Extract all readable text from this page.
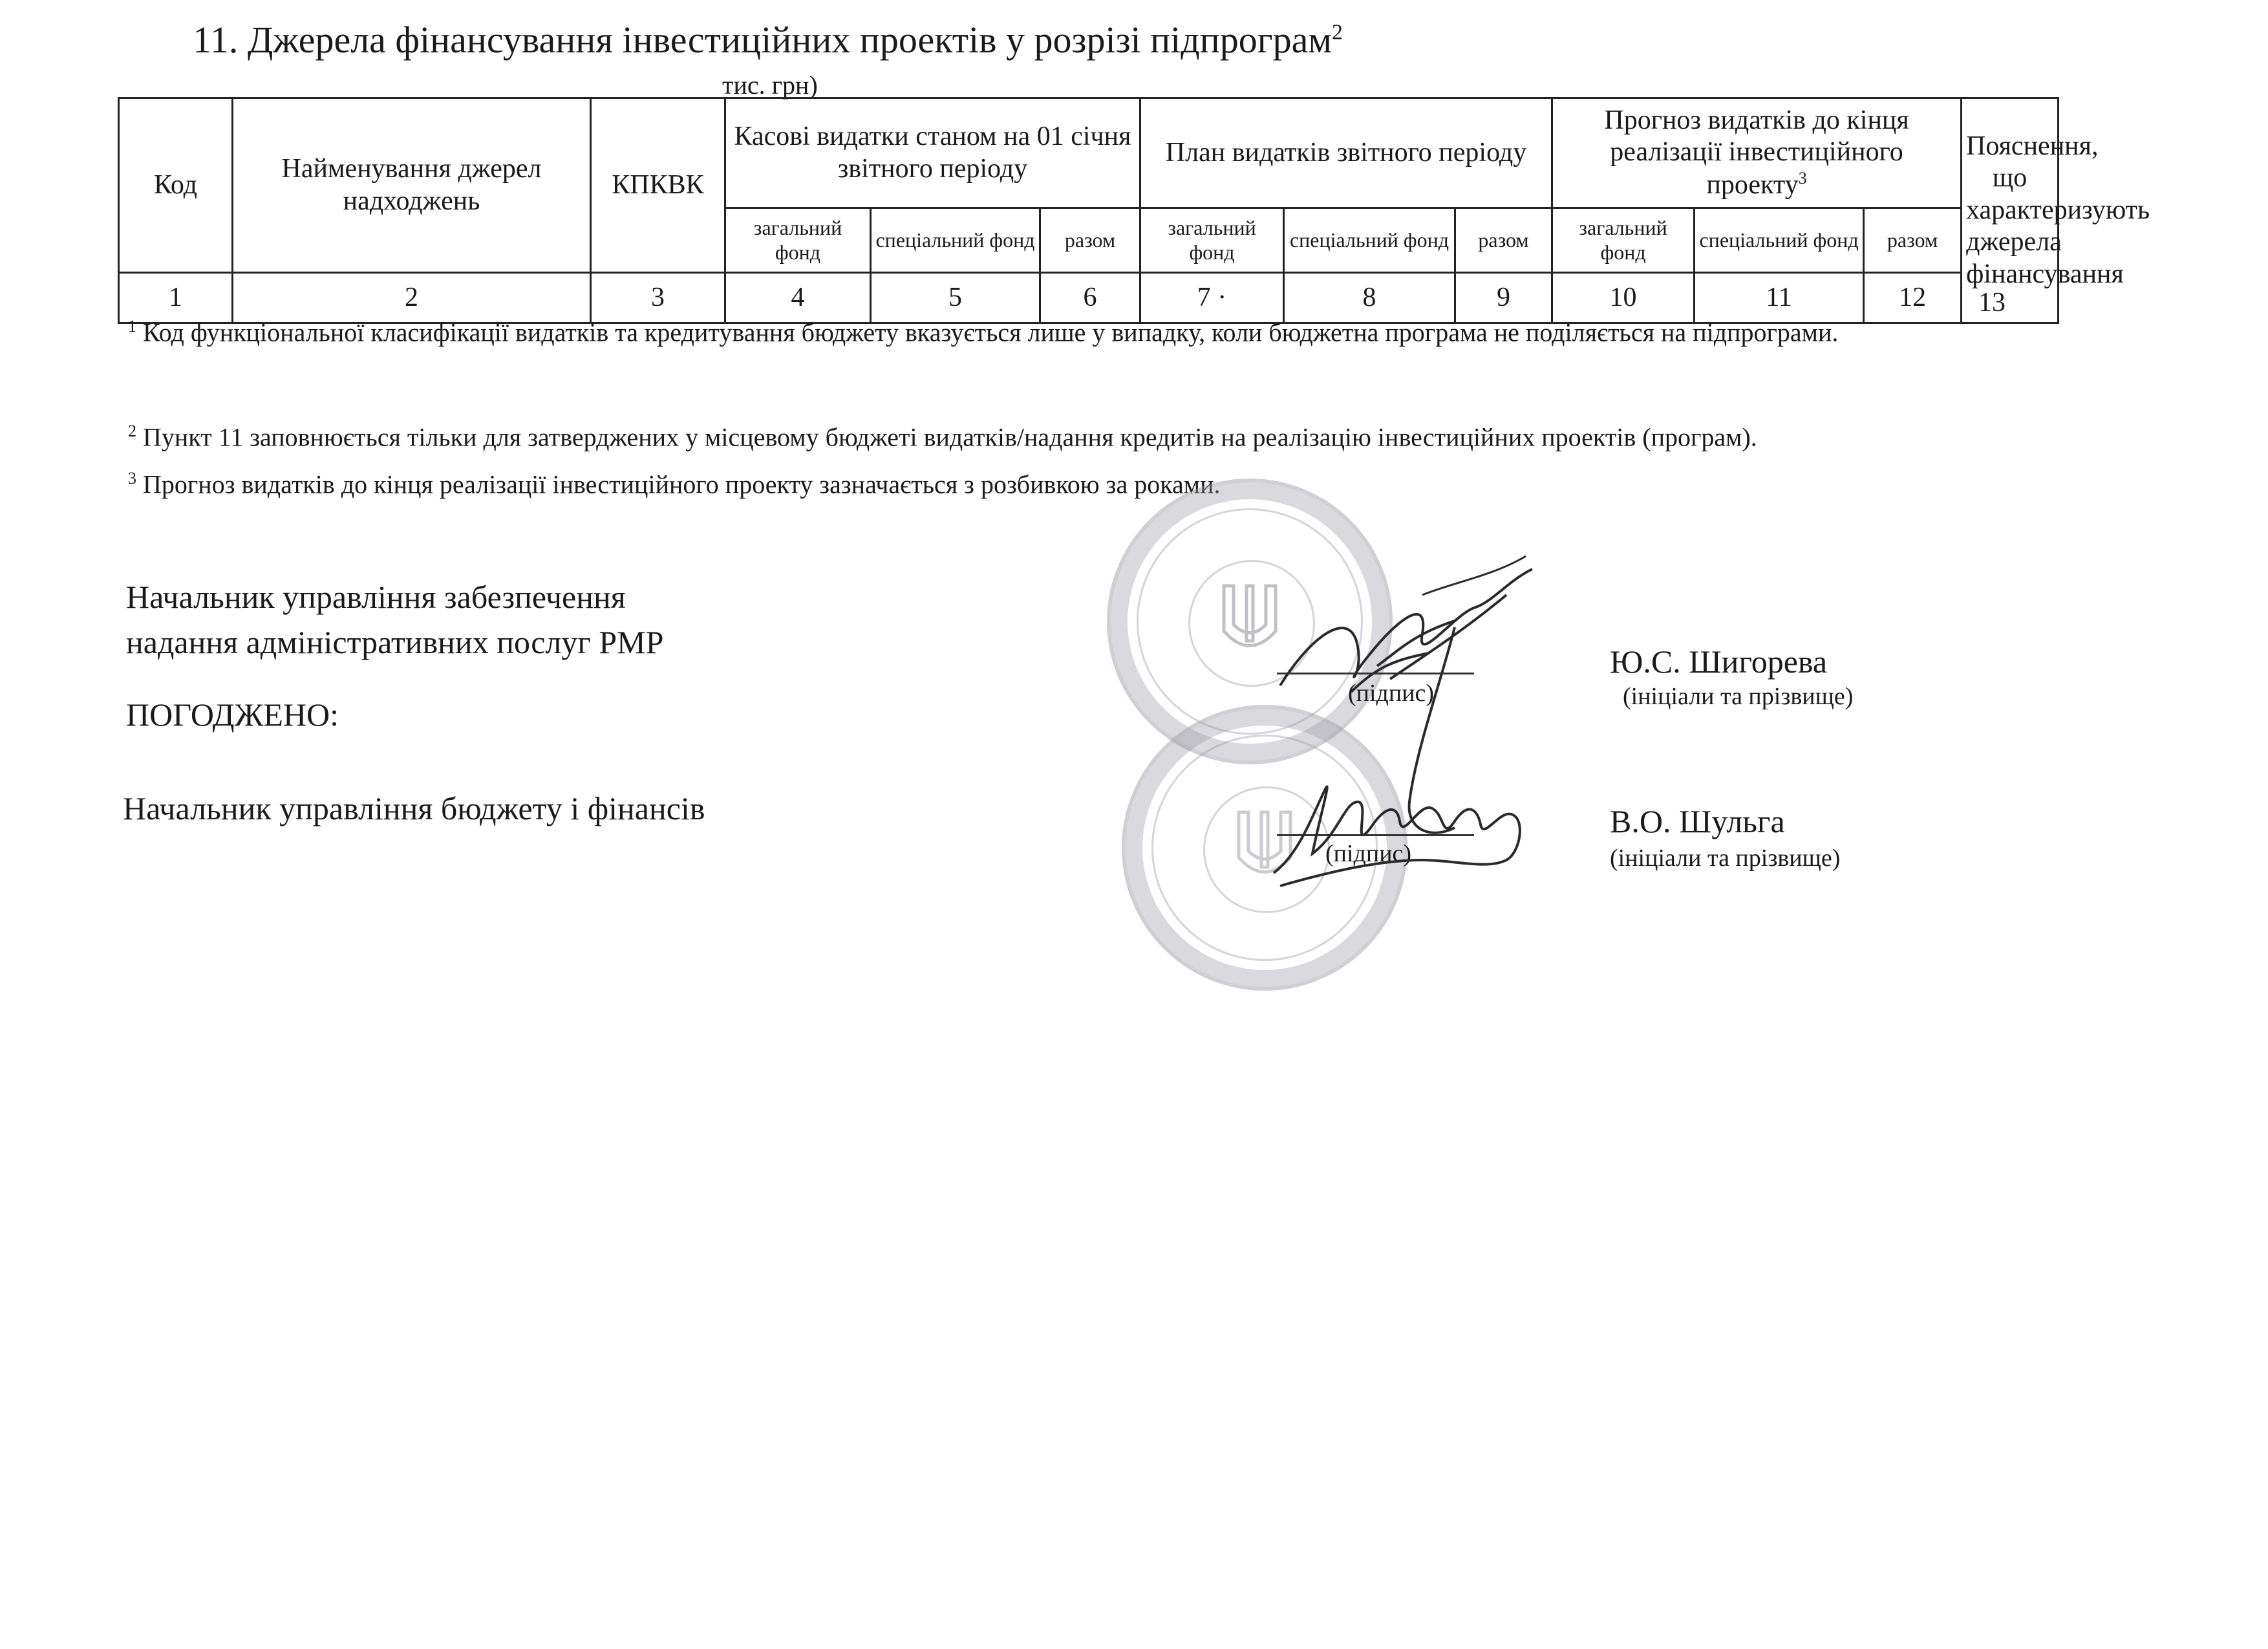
11. Джерела фінансування інвестиційних проектів у розрізі підпрограм$^2$
тис. грн)
Код	Найменування джерел надходжень	КПКВК	Касові видатки станом на 01 січня звітного періоду			План видатків звітного періоду			Прогноз видатків до кінця реалізації інвестиційного проекту$^3$			Пояснення, що характеризують джерела фінансування
			загальний фонд	спеціальний фонд	разом	загальний фонд	спеціальний фонд	разом	загальний фонд	спеціальний фонд	разом	
1	2	3	4	5	6	7 ·	8	9	10	11	12	13
$^1$ Код функціональної класифікації видатків та кредитування бюджету вказується лише у випадку, коли бюджетна програма не поділяється на підпрограми.
$^2$ Пункт 11 заповнюється тільки для затверджених у місцевому бюджеті видатків/надання кредитів на реалізацію інвестиційних проектів (програм).
$^3$ Прогноз видатків до кінця реалізації інвестиційного проекту зазначається з розбивкою за роками.
Начальник управління забезпечення
надання адміністративних послуг РМР
(підпис)
Ю.С. Шигорева
(ініціали та прізвище)
ПОГОДЖЕНО:
Начальник управління бюджету і фінансів
(підпис)
В.О. Шульга
(ініціали та прізвище)
